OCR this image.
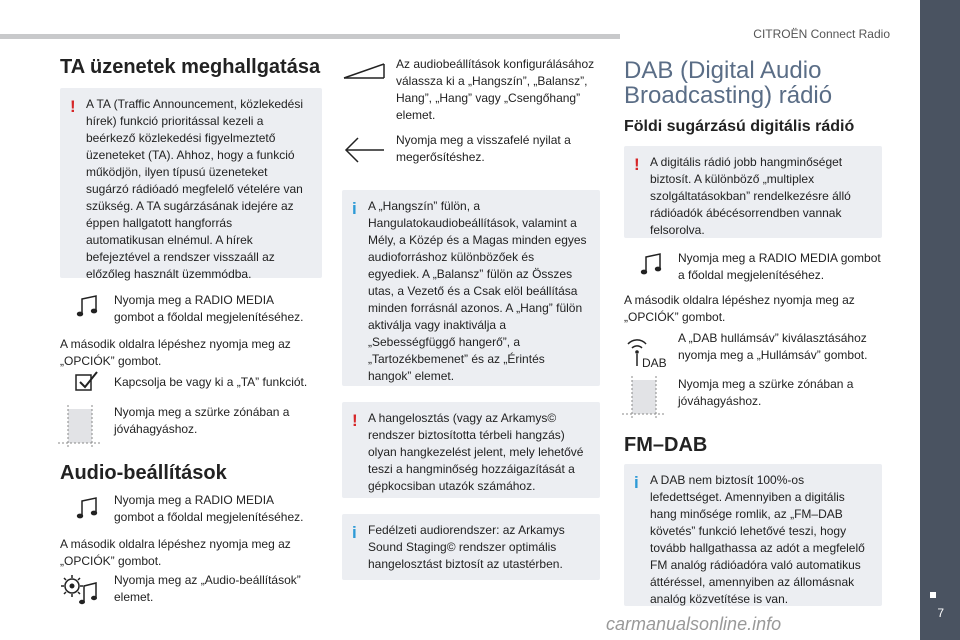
CITROËN Connect Radio
7
TA üzenetek meghallgatása
! A TA (Traffic Announcement, közlekedési hírek) funkció prioritással kezeli a beérkező közlekedési figyelmeztető üzeneteket (TA). Ahhoz, hogy a funkció működjön, ilyen típusú üzeneteket sugárzó rádióadó megfelelő vételére van szükség. A TA sugárzásának idejére az éppen hallgatott hangforrás automatikusan elnémul. A hírek befejeztével a rendszer visszaáll az előzőleg használt üzemmódba.
Nyomja meg a RADIO MEDIA gombot a főoldal megjelenítéséhez.
A második oldalra lépéshez nyomja meg az „OPCIÓK” gombot.
Kapcsolja be vagy ki a „TA” funkciót.
Nyomja meg a szürke zónában a jóváhagyáshoz.
Audio-beállítások
Nyomja meg a RADIO MEDIA gombot a főoldal megjelenítéséhez.
A második oldalra lépéshez nyomja meg az „OPCIÓK” gombot.
Nyomja meg az „Audio-beállítások” elemet.
Az audiobeállítások konfigurálásához válassza ki a „Hangszín”, „Balansz”, Hang”, „Hang” vagy „Csengőhang” elemet.
Nyomja meg a visszafelé nyilat a megerősítéshez.
i A „Hangszín” fülön, a Hangulatokaudiobeállítások, valamint a Mély, a Közép és a Magas minden egyes audioforráshoz különbözőek és egyediek. A „Balansz” fülön az Összes utas, a Vezető és a Csak elöl beállítása minden forrásnál azonos. A „Hang” fülön aktiválja vagy inaktiválja a „Sebességfüggő hangerő”, a „Tartozékbemenet” és az „Érintés hangok” elemet.
! A hangelosztás (vagy az Arkamys© rendszer biztosította térbeli hangzás) olyan hangkezelést jelent, mely lehetővé teszi a hangminőség hozzáigazítását a gépkocsiban utazók számához.
i Fedélzeti audiorendszer: az Arkamys Sound Staging© rendszer optimális hangelosztást biztosít az utastérben.
DAB (Digital Audio Broadcasting) rádió
Földi sugárzású digitális rádió
! A digitális rádió jobb hangminőséget biztosít. A különböző „multiplex szolgáltatásokban” rendelkezésre álló rádióadók ábécésorrendben vannak felsorolva.
Nyomja meg a RADIO MEDIA gombot a főoldal megjelenítéséhez.
A második oldalra lépéshez nyomja meg az „OPCIÓK” gombot.
DAB
A „DAB hullámsáv” kiválasztásához nyomja meg a „Hullámsáv” gombot.
Nyomja meg a szürke zónában a jóváhagyáshoz.
FM–DAB
i A DAB nem biztosít 100%-os lefedettséget. Amennyiben a digitális hang minősége romlik, az „FM–DAB követés” funkció lehetővé teszi, hogy tovább hallgathassa az adót a megfelelő FM analóg rádióadóra való automatikus áttéréssel, amennyiben az állomásnak analóg közvetítése is van.
carmanualsonline.info
